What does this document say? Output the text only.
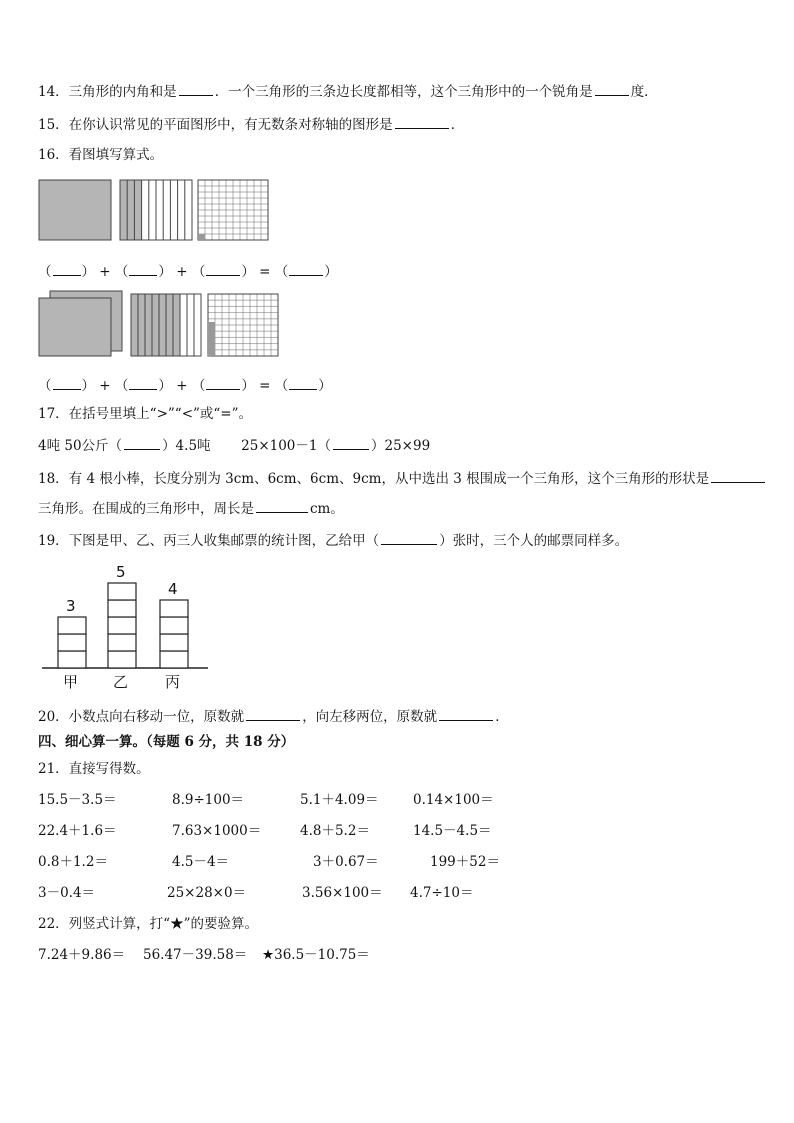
14．三角形的内角和是	．一个三角形的三条边长度都相等，这个三角形中的一个锐角是	度．
15．在你认识常见的平面图形中，有无数条对称轴的图形是	．
16．看图填写算式。
（ ） + （ ） + （	） = （	）
（ ） + （ ） + （	） = （ ）
17．在括号里填上“>”“<”或“=”。
4吨 50公斤（	）4.5吨 25×100－1（	）25×99
18．有 4 根小棒，长度分别为 3cm、6cm、6cm、9cm，从中选出 3 根围成一个三角形，这个三角形的形状是
三角形。在围成的三角形中，周长是	cm。
19．下图是甲、乙、丙三人收集邮票的统计图，乙给甲（	）张时，三个人的邮票同样多。
甲 乙 丙
3
5
4
20．小数点向右移动一位，原数就	，向左移两位，原数就	．
四、细心算一算。（每题 6 分，共 18 分）
21．直接写得数。
15.5－3.5＝	8.9÷100＝	5.1＋4.09＝	0.14×100＝
22.4＋1.6＝	7.63×1000＝	4.8＋5.2＝	14.5－4.5＝
0.8＋1.2＝	4.5－4＝	3＋0.67＝	199＋52＝
3－0.4＝	25×28×0＝	3.56×100＝ 4.7÷10＝
22．列竖式计算，打“★”的要验算。
7.24＋9.86＝ 56.47－39.58＝ ★36.5－10.75＝
